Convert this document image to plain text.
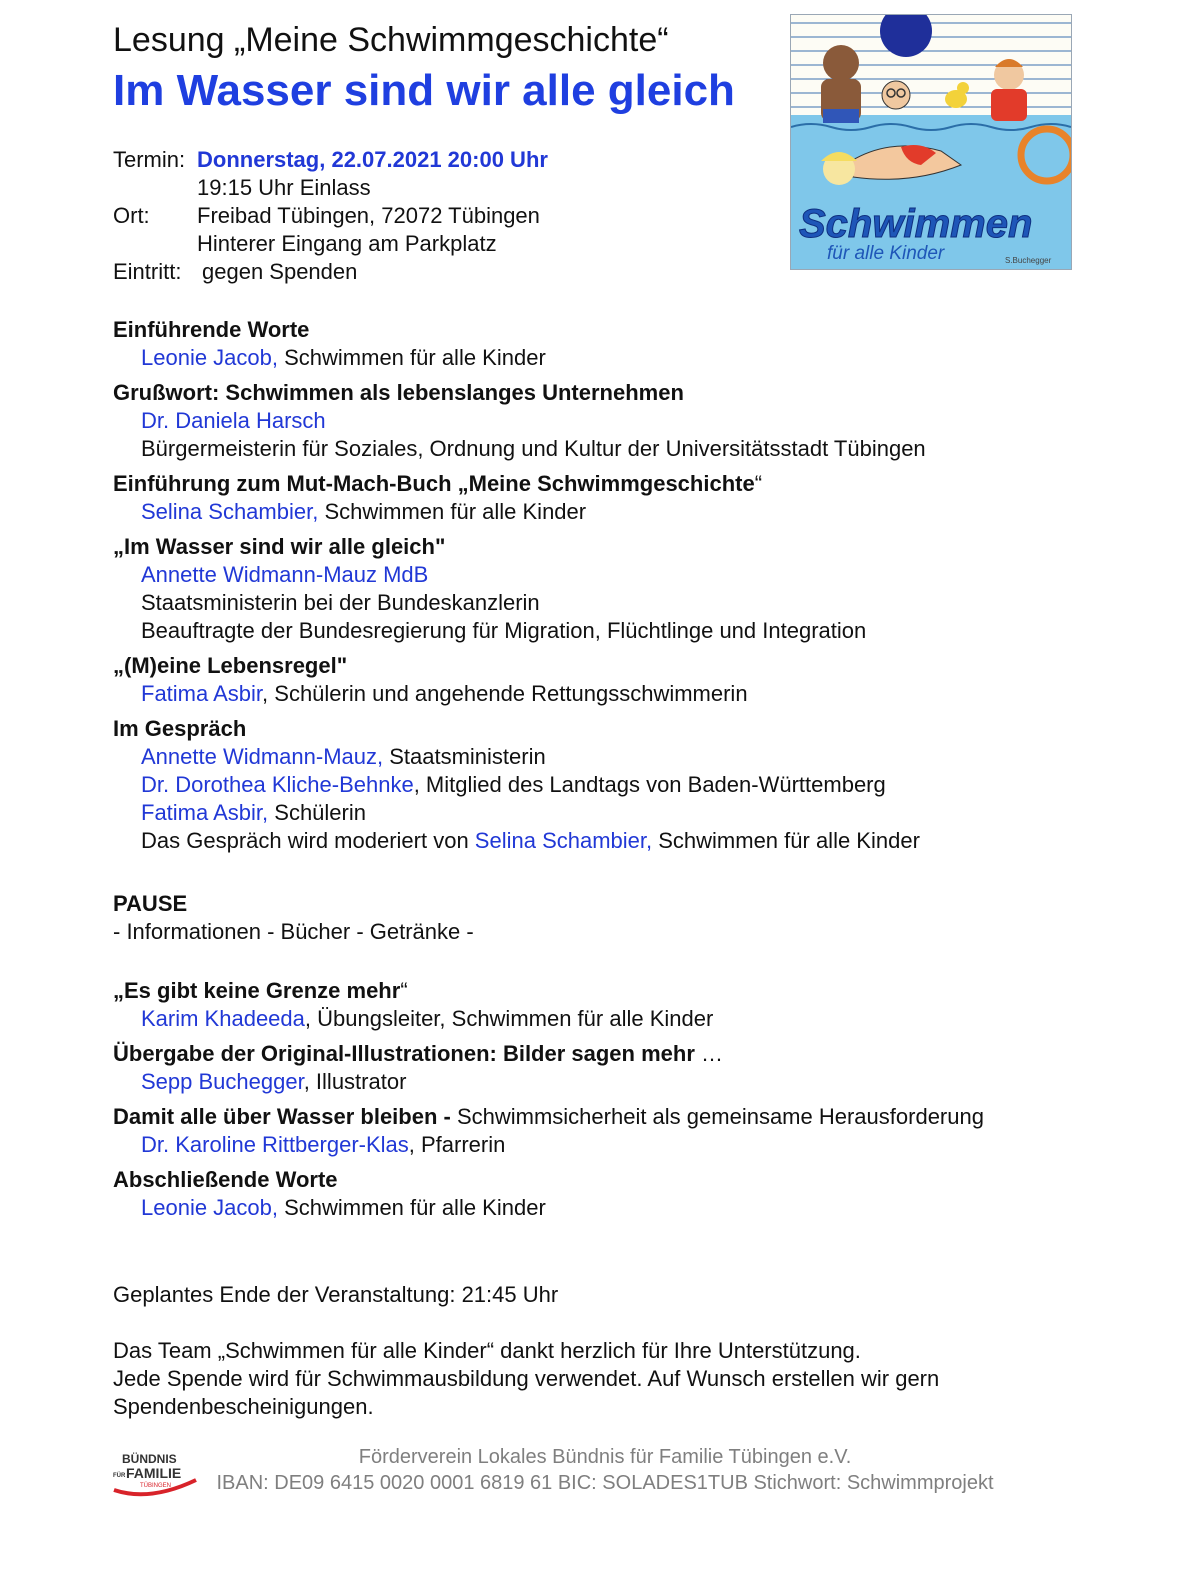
Lesung „Meine Schwimmgeschichte“
Im Wasser sind wir alle gleich
Termin: Donnerstag, 22.07.2021 20:00 Uhr
19:15 Uhr Einlass
Ort: Freibad Tübingen, 72072 Tübingen
Hinterer Eingang am Parkplatz
Eintritt: gegen Spenden
Schwimmen
für alle Kinder	S.Buchegger
Einführende Worte
Leonie Jacob, Schwimmen für alle Kinder
Grußwort: Schwimmen als lebenslanges Unternehmen
Dr. Daniela Harsch
Bürgermeisterin für Soziales, Ordnung und Kultur der Universitätsstadt Tübingen
Einführung zum Mut-Mach-Buch „Meine Schwimmgeschichte“
Selina Schambier, Schwimmen für alle Kinder
„Im Wasser sind wir alle gleich"
Annette Widmann-Mauz MdB
Staatsministerin bei der Bundeskanzlerin
Beauftragte der Bundesregierung für Migration, Flüchtlinge und Integration
„(M)eine Lebensregel"
Fatima Asbir, Schülerin und angehende Rettungsschwimmerin
Im Gespräch
Annette Widmann-Mauz, Staatsministerin
Dr. Dorothea Kliche-Behnke, Mitglied des Landtags von Baden-Württemberg
Fatima Asbir, Schülerin
Das Gespräch wird moderiert von Selina Schambier, Schwimmen für alle Kinder
PAUSE
- Informationen - Bücher - Getränke -
„Es gibt keine Grenze mehr“
Karim Khadeeda, Übungsleiter, Schwimmen für alle Kinder
Übergabe der Original-Illustrationen: Bilder sagen mehr …
Sepp Buchegger, Illustrator
Damit alle über Wasser bleiben - Schwimmsicherheit als gemeinsame Herausforderung
Dr. Karoline Rittberger-Klas, Pfarrerin
Abschließende Worte
Leonie Jacob, Schwimmen für alle Kinder
Geplantes Ende der Veranstaltung: 21:45 Uhr
Das Team „Schwimmen für alle Kinder“ dankt herzlich für Ihre Unterstützung.
Jede Spende wird für Schwimmausbildung verwendet. Auf Wunsch erstellen wir gern Spendenbescheinigungen.
BÜNDNIS
FÜR FAMILIE
TÜBINGEN
Förderverein Lokales Bündnis für Familie Tübingen e.V.
IBAN: DE09 6415 0020 0001 6819 61 BIC: SOLADES1TUB Stichwort: Schwimmprojekt
